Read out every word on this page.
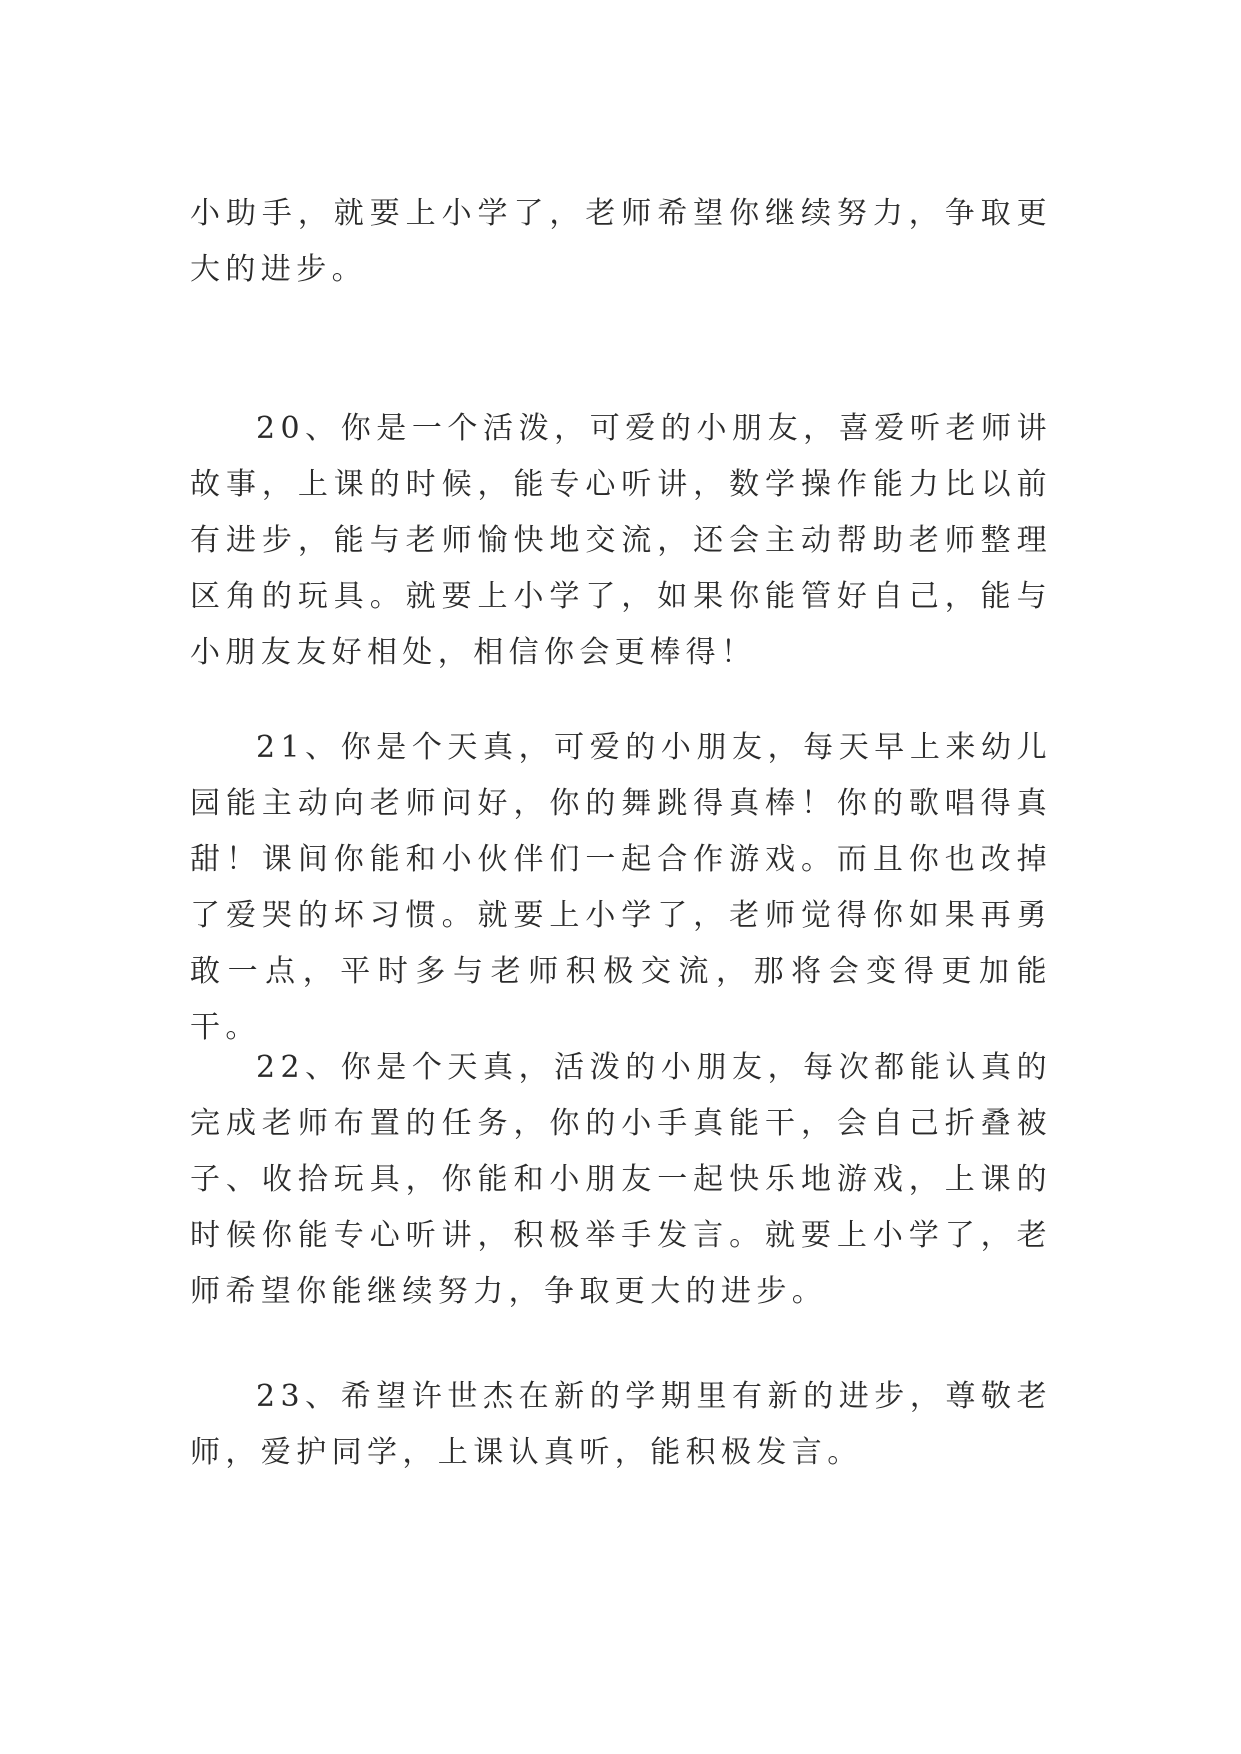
小助手，就要上小学了，老师希望你继续努力，争取更大的进步。

20、你是一个活泼，可爱的小朋友，喜爱听老师讲故事，上课的时候，能专心听讲，数学操作能力比以前有进步，能与老师愉快地交流，还会主动帮助老师整理区角的玩具。就要上小学了，如果你能管好自己，能与小朋友友好相处，相信你会更棒得！

21、你是个天真，可爱的小朋友，每天早上来幼儿园能主动向老师问好，你的舞跳得真棒！你的歌唱得真甜！课间你能和小伙伴们一起合作游戏。而且你也改掉了爱哭的坏习惯。就要上小学了，老师觉得你如果再勇敢一点，平时多与老师积极交流，那将会变得更加能干。

22、你是个天真，活泼的小朋友，每次都能认真的完成老师布置的任务，你的小手真能干，会自己折叠被子、收拾玩具，你能和小朋友一起快乐地游戏，上课的时候你能专心听讲，积极举手发言。就要上小学了，老师希望你能继续努力，争取更大的进步。

23、希望许世杰在新的学期里有新的进步，尊敬老师，爱护同学，上课认真听，能积极发言。
